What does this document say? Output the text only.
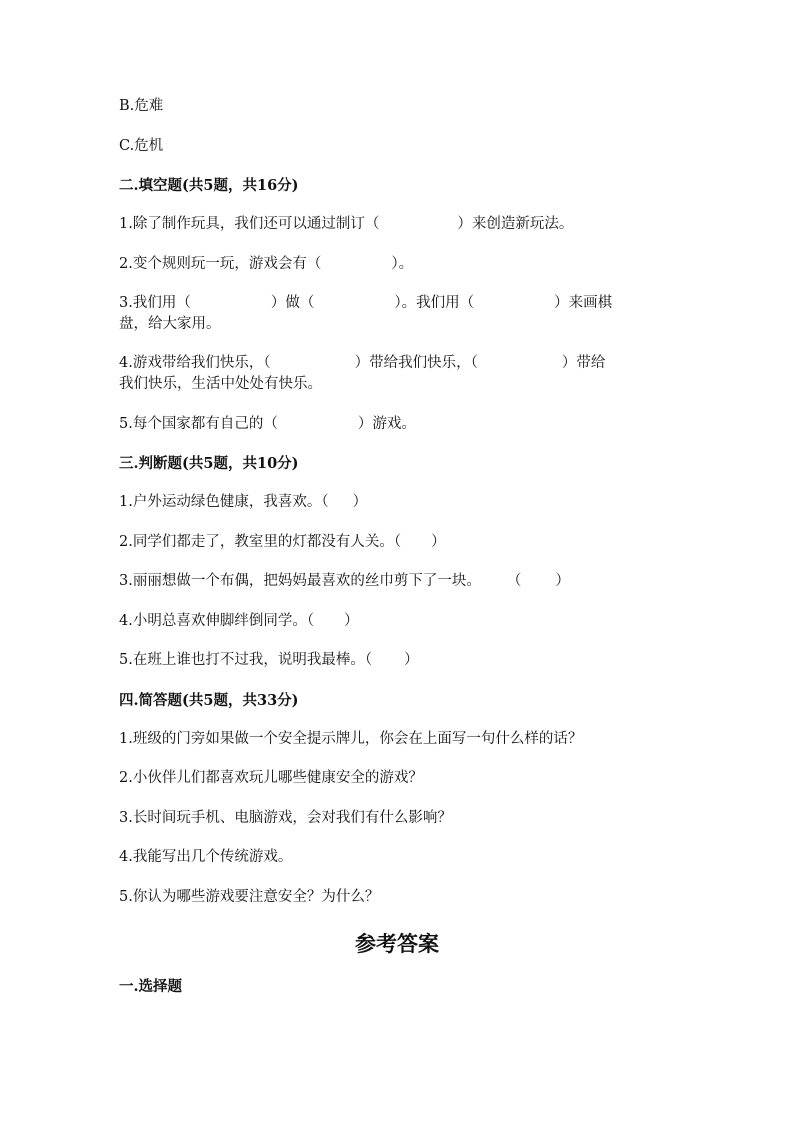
B.危难
C.危机
二.填空题(共5题，共16分)
1.除了制作玩具，我们还可以通过制订（	）来创造新玩法。
2.变个规则玩一玩，游戏会有（	）。
3.我们用（	）做（	）。我们用（	）来画棋
盘，给大家用。
4.游戏带给我们快乐，（	）带给我们快乐，（	）带给
我们快乐，生活中处处有快乐。
5.每个国家都有自己的（	）游戏。
三.判断题(共5题，共10分)
1.户外运动绿色健康，我喜欢。（ ）
2.同学们都走了，教室里的灯都没有人关。（ ）
3.丽丽想做一个布偶，把妈妈最喜欢的丝巾剪下了一块。 （ ）
4.小明总喜欢伸脚绊倒同学。（ ）
5.在班上谁也打不过我，说明我最棒。（ ）
四.简答题(共5题，共33分)
1.班级的门旁如果做一个安全提示牌儿，你会在上面写一句什么样的话？
2.小伙伴儿们都喜欢玩儿哪些健康安全的游戏？
3.长时间玩手机、电脑游戏，会对我们有什么影响？
4.我能写出几个传统游戏。
5.你认为哪些游戏要注意安全？为什么？
参考答案
一.选择题
